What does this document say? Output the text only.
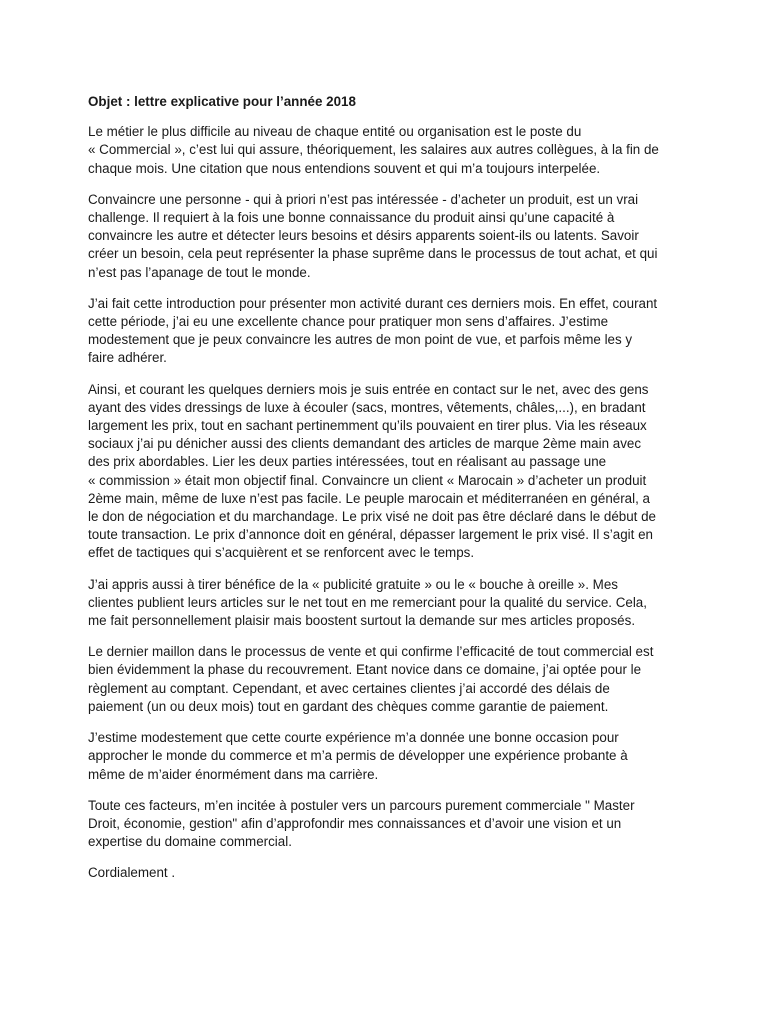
Objet : lettre explicative pour l’année 2018

Le métier le plus difficile au niveau de chaque entité ou organisation est le poste du
« Commercial », c’est lui qui assure, théoriquement, les salaires aux autres collègues, à la fin de
chaque mois. Une citation que nous entendions souvent et qui m’a toujours interpelée.

Convaincre une personne - qui à priori n’est pas intéressée - d’acheter un produit, est un vrai
challenge. Il requiert à la fois une bonne connaissance du produit ainsi qu’une capacité à
convaincre les autre et détecter leurs besoins et désirs apparents soient-ils ou latents. Savoir
créer un besoin, cela peut représenter la phase suprême dans le processus de tout achat, et qui
n’est pas l’apanage de tout le monde.

J’ai fait cette introduction pour présenter mon activité durant ces derniers mois. En effet, courant
cette période, j’ai eu une excellente chance pour pratiquer mon sens d’affaires. J’estime
modestement que je peux convaincre les autres de mon point de vue, et parfois même les y
faire adhérer.

Ainsi, et courant les quelques derniers mois je suis entrée en contact sur le net, avec des gens
ayant des vides dressings de luxe à écouler (sacs, montres, vêtements, châles,...), en bradant
largement les prix, tout en sachant pertinemment qu’ils pouvaient en tirer plus. Via les réseaux
sociaux j’ai pu dénicher aussi des clients demandant des articles de marque 2ème main avec
des prix abordables. Lier les deux parties intéressées, tout en réalisant au passage une
« commission » était mon objectif final. Convaincre un client « Marocain » d’acheter un produit
2ème main, même de luxe n’est pas facile. Le peuple marocain et méditerranéen en général, a
le don de négociation et du marchandage. Le prix visé ne doit pas être déclaré dans le début de
toute transaction. Le prix d’annonce doit en général, dépasser largement le prix visé. Il s’agit en
effet de tactiques qui s’acquièrent et se renforcent avec le temps.

J’ai appris aussi à tirer bénéfice de la « publicité gratuite » ou le « bouche à oreille ». Mes
clientes publient leurs articles sur le net tout en me remerciant pour la qualité du service. Cela,
me fait personnellement plaisir mais boostent surtout la demande sur mes articles proposés.

Le dernier maillon dans le processus de vente et qui confirme l’efficacité de tout commercial est
bien évidemment la phase du recouvrement. Etant novice dans ce domaine, j’ai optée pour le
règlement au comptant. Cependant, et avec certaines clientes j’ai accordé des délais de
paiement (un ou deux mois) tout en gardant des chèques comme garantie de paiement.

J’estime modestement que cette courte expérience m’a donnée une bonne occasion pour
approcher le monde du commerce et m’a permis de développer une expérience probante à
même de m’aider énormément dans ma carrière.

Toute ces facteurs, m’en incitée à postuler vers un parcours purement commerciale " Master
Droit, économie, gestion" afin d’approfondir mes connaissances et d’avoir une vision et un
expertise du domaine commercial.

Cordialement .
